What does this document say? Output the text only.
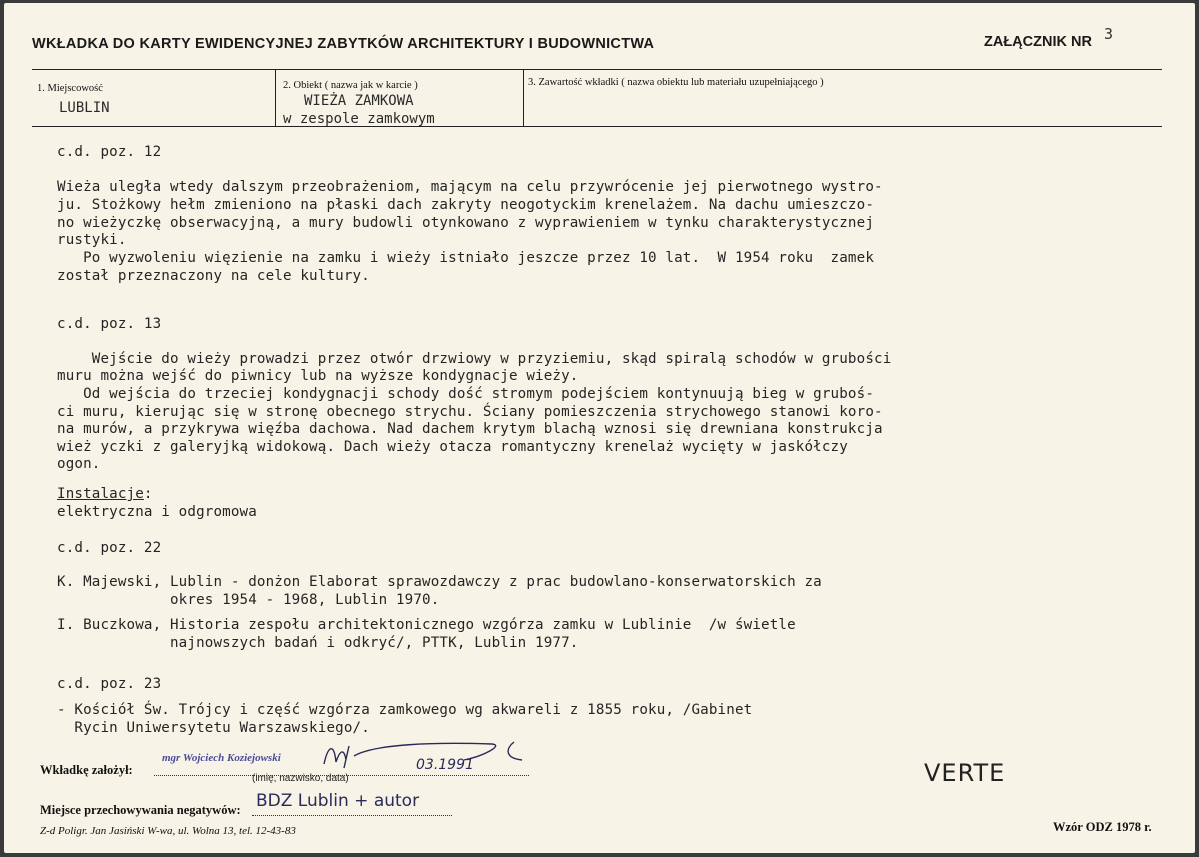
WKŁADKA DO KARTY EWIDENCYJNEJ ZABYTKÓW ARCHITEKTURY I BUDOWNICTWA	ZAŁĄCZNIK NR 3
1. Miejscowość
LUBLIN
2. Obiekt ( nazwa jak w karcie )
WIEŻA ZAMKOWA
w zespole zamkowym
3. Zawartość wkładki ( nazwa obiektu lub materiału uzupełniającego )
c.d. poz. 12
Wieża uległa wtedy dalszym przeobrażeniom, mającym na celu przywrócenie jej pierwotnego wystro-
ju. Stożkowy hełm zmieniono na płaski dach zakryty neogotyckim krenelażem. Na dachu umieszczo-
no wieżyczkę obserwacyjną, a mury budowli otynkowano z wyprawieniem w tynku charakterystycznej
rustyki.
Po wyzwoleniu więzienie na zamku i wieży istniało jeszcze przez 10 lat.  W 1954 roku  zamek
został przeznaczony na cele kultury.
c.d. poz. 13
Wejście do wieży prowadzi przez otwór drzwiowy w przyziemiu, skąd spiralą schodów w grubości
muru można wejść do piwnicy lub na wyższe kondygnacje wieży.
Od wejścia do trzeciej kondygnacji schody dość stromym podejściem kontynuują bieg w gruboś-
ci muru, kierując się w stronę obecnego strychu. Ściany pomieszczenia strychowego stanowi koro-
na murów, a przykrywa więźba dachowa. Nad dachem krytym blachą wznosi się drewniana konstrukcja
wież yczki z galeryjką widokową. Dach wieży otacza romantyczny krenelaż wycięty w jaskółczy
ogon.
Instalacje:
elektryczna i odgromowa
c.d. poz. 22
K. Majewski, Lublin - donżon Elaborat sprawozdawczy z prac budowlano-konserwatorskich za
okres 1954 - 1968, Lublin 1970.
I. Buczkowa, Historia zespołu architektonicznego wzgórza zamku w Lublinie  /w świetle
najnowszych badań i odkryć/, PTTK, Lublin 1977.
c.d. poz. 23
- Kościół Św. Trójcy i część wzgórza zamkowego wg akwareli z 1855 roku, /Gabinet
Rycin Uniwersytetu Warszawskiego/.
Wkładkę założył:
mgr Wojciech Koziejowski	03.1991
(imię, nazwisko, data)
Miejsce przechowywania negatywów: BDZ Lublin + autor
VERTE
Z-d Poligr. Jan Jasiński W-wa, ul. Wolna 13, tel. 12-43-83	Wzór ODZ 1978 r.
